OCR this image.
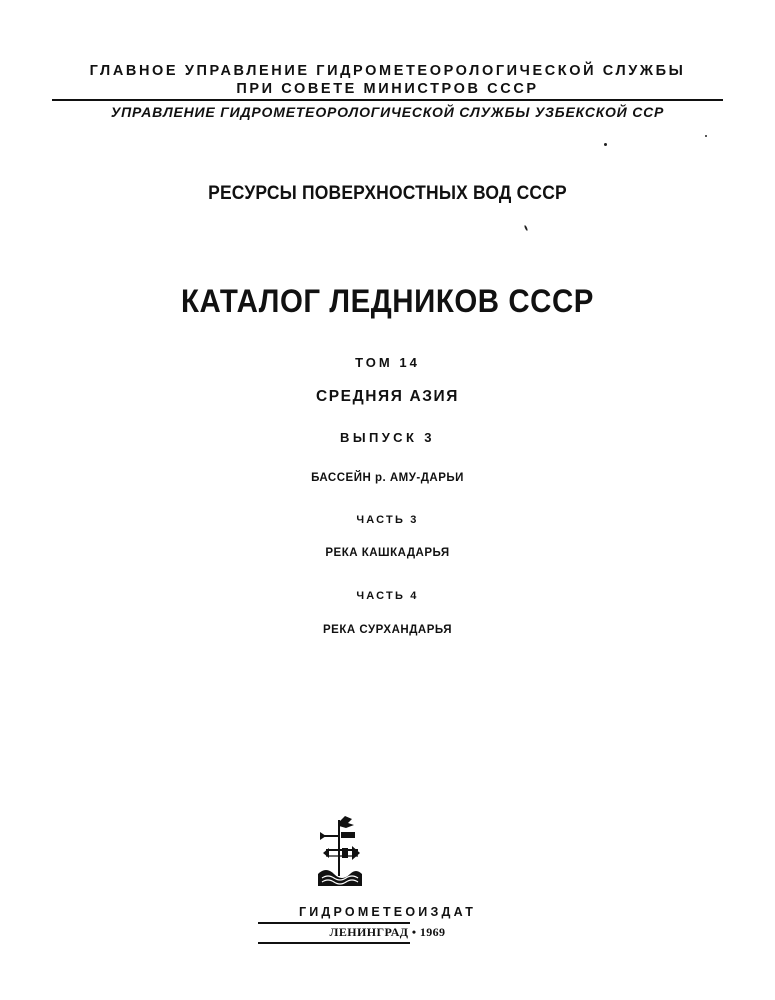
ГЛАВНОЕ УПРАВЛЕНИЕ ГИДРОМЕТЕОРОЛОГИЧЕСКОЙ СЛУЖБЫ
ПРИ СОВЕТЕ МИНИСТРОВ СССР
УПРАВЛЕНИЕ ГИДРОМЕТЕОРОЛОГИЧЕСКОЙ СЛУЖБЫ УЗБЕКСКОЙ ССР
РЕСУРСЫ ПОВЕРХНОСТНЫХ ВОД СССР
КАТАЛОГ ЛЕДНИКОВ СССР
ТОМ 14
СРЕДНЯЯ АЗИЯ
ВЫПУСК 3
БАССЕЙН р. АМУ-ДАРЬИ
ЧАСТЬ 3
РЕКА КАШКАДАРЬЯ
ЧАСТЬ 4
РЕКА СУРХАНДАРЬЯ
ГИДРОМЕТЕОИЗДАТ
ЛЕНИНГРАД • 1969
